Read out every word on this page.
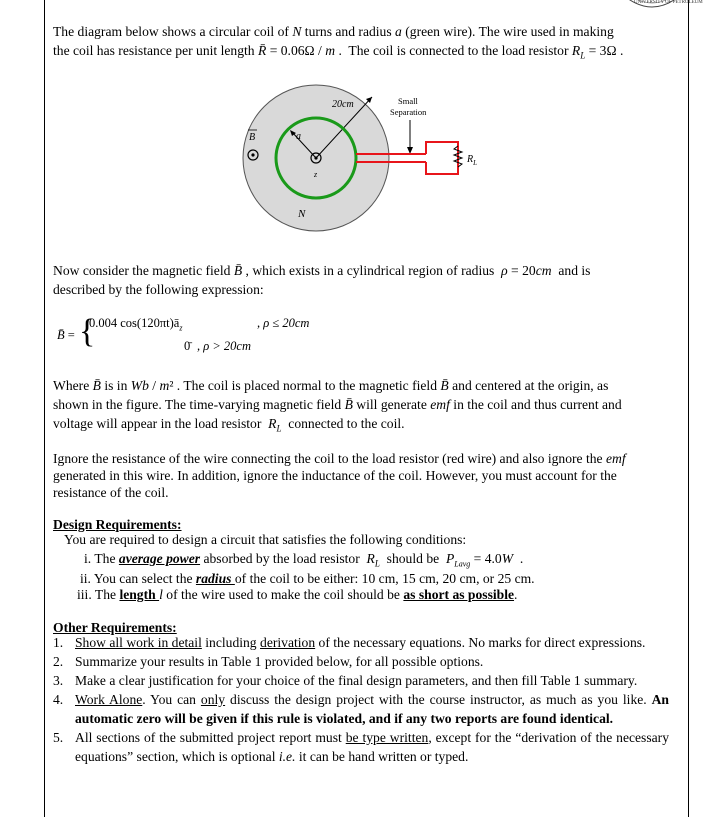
UNIVERSITY OF PETROLEUM
The diagram below shows a circular coil of N turns and radius a (green wire). The wire used in making
the coil has resistance per unit length R̄ = 0.06Ω / m .  The coil is connected to the load resistor $R_L = 3\Omega$ .
20cm	Small
Separation
a
z
B
N
$R_L$
Now consider the magnetic field B̄ , which exists in a cylindrical region of radius  ρ = 20cm  and is
described by the following expression:
B̄ = {
0.004 $\cos(120\pi t)ā_z$	, ρ ≤ 20cm
0̄ , ρ > 20cm
Where B̄ is in Wb / m² . The coil is placed normal to the magnetic field B̄ and centered at the origin, as
shown in the figure. The time-varying magnetic field B̄ will generate emf in the coil and thus current and
voltage will appear in the load resistor  $R_L$  connected to the coil.
Ignore the resistance of the wire connecting the coil to the load resistor (red wire) and also ignore the emf
generated in this wire. In addition, ignore the inductance of the coil. However, you must account for the
resistance of the coil.
Design Requirements:
You are required to design a circuit that satisfies the following conditions:
i. The average power absorbed by the load resistor  $R_L$  should be  $P_{Lavg} = 4.0W$  .
ii. You can select the radius of the coil to be either: 10 cm, 15 cm, 20 cm, or 25 cm.
iii. The length l of the wire used to make the coil should be as short as possible.
Other Requirements:
1. Show all work in detail including derivation of the necessary equations. No marks for direct expressions.
2. Summarize your results in Table 1 provided below, for all possible options.
3. Make a clear justification for your choice of the final design parameters, and then fill Table 1 summary.
4. Work Alone. You can only discuss the design project with the course instructor, as much as you like. An automatic zero will be given if this rule is violated, and if any two reports are found identical.
5. All sections of the submitted project report must be type written, except for the “derivation of the necessary equations” section, which is optional i.e. it can be hand written or typed.
